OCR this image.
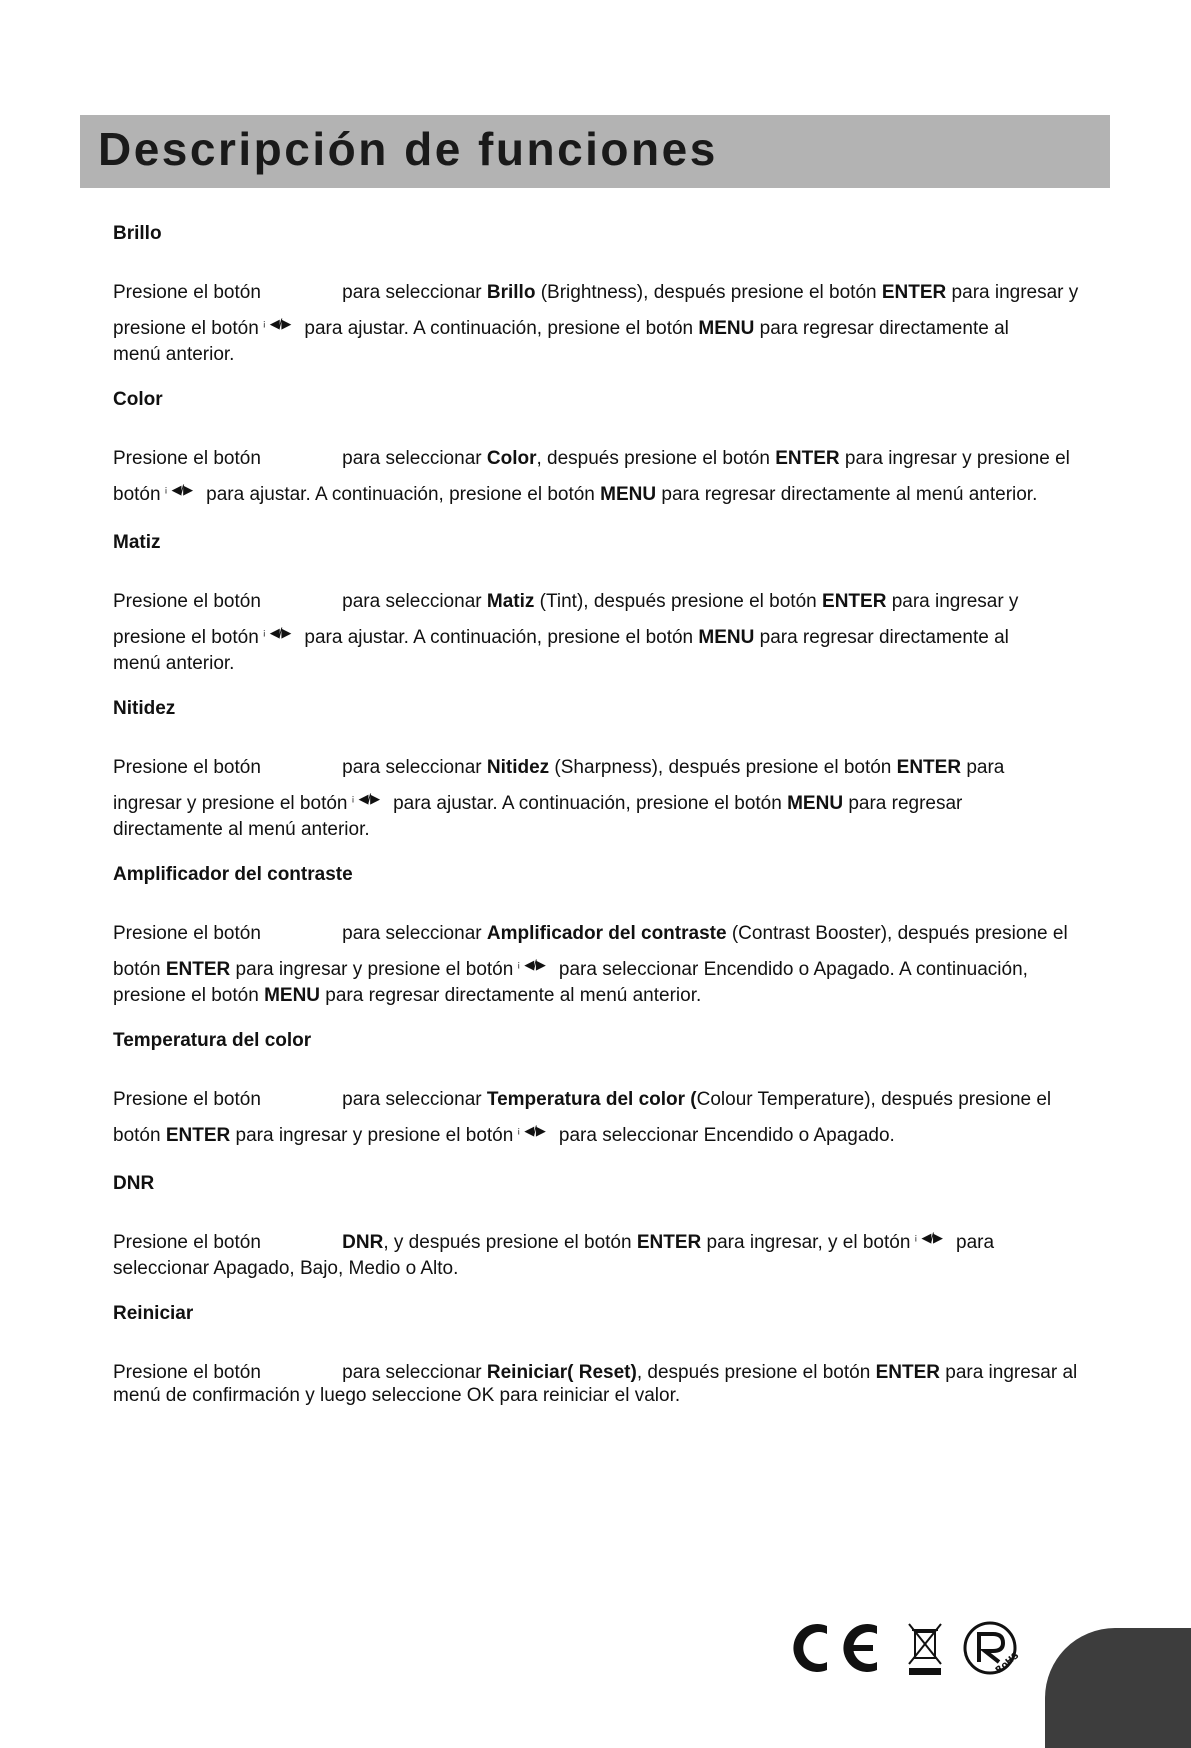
Descripción de funciones
Brillo

Presione el botón	para seleccionar Brillo (Brightness), después presione el botón ENTER para ingresar y
presione el botón ¡ ◀/▶ para ajustar. A continuación, presione el botón MENU para regresar directamente al
menú anterior.

Color

Presione el botón	para seleccionar Color, después presione el botón ENTER para ingresar y presione el
botón ¡ ◀/▶ para ajustar. A continuación, presione el botón MENU para regresar directamente al menú anterior.

Matiz

Presione el botón	para seleccionar Matiz (Tint), después presione el botón ENTER para ingresar y
presione el botón ¡ ◀/▶ para ajustar. A continuación, presione el botón MENU para regresar directamente al
menú anterior.

Nitidez

Presione el botón	para seleccionar Nitidez (Sharpness), después presione el botón ENTER para
ingresar y presione el botón ¡ ◀/▶ para ajustar. A continuación, presione el botón MENU para regresar
directamente al menú anterior.

Amplificador del contraste

Presione el botón	para seleccionar Amplificador del contraste (Contrast Booster), después presione el
botón ENTER para ingresar y presione el botón ¡ ◀/▶ para seleccionar Encendido o Apagado. A continuación,
presione el botón MENU para regresar directamente al menú anterior.

Temperatura del color

Presione el botón	para seleccionar Temperatura del color (Colour Temperature), después presione el
botón ENTER para ingresar y presione el botón ¡ ◀/▶ para seleccionar Encendido o Apagado.

DNR

Presione el botón	DNR, y después presione el botón ENTER para ingresar, y el botón ¡ ◀/▶ para
seleccionar Apagado, Bajo, Medio o Alto.

Reiniciar

Presione el botón	para seleccionar Reiniciar( Reset), después presione el botón ENTER para ingresar al
menú de confirmación y luego seleccione OK para reiniciar el valor.

RoHS
